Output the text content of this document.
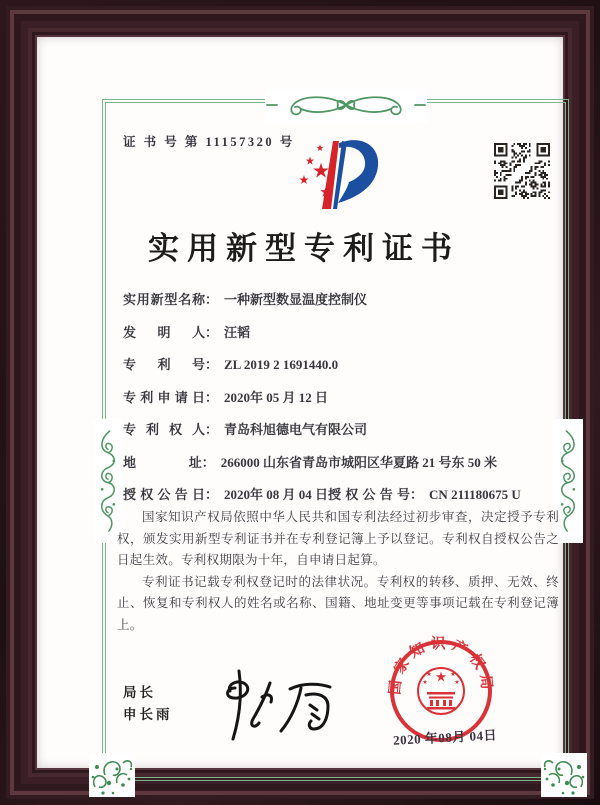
证 书 号 第 11157320 号
实用新型专利证书
实用新型名称 ： 一种新型数显温度控制仪
发明人 ： 汪韬
专利号 ： ZL 2019 2 1691440.0
专利申请日 ： 2020年 05 月 12 日
专利权人 ： 青岛科旭德电气有限公司
地址 ： 266000 山东省青岛市城阳区华夏路 21 号东 50 米
授权公告日 ： 2020年 08 月 04 日 授权公告号 ： CN 211180675 U

国家知识产权局依照中华人民共和国专利法经过初步审查，决定授予专利权，颁发实用新型专利证书并在专利登记簿上予以登记。专利权自授权公告之日起生效。专利权期限为十年，自申请日起算。

专利证书记载专利权登记时的法律状况。专利权的转移、质押、无效、终止、恢复和专利权人的姓名或名称、国籍、地址变更等事项记载在专利登记簿上。

局长
申长雨
国家知识产权局
2020 年08月 04日
